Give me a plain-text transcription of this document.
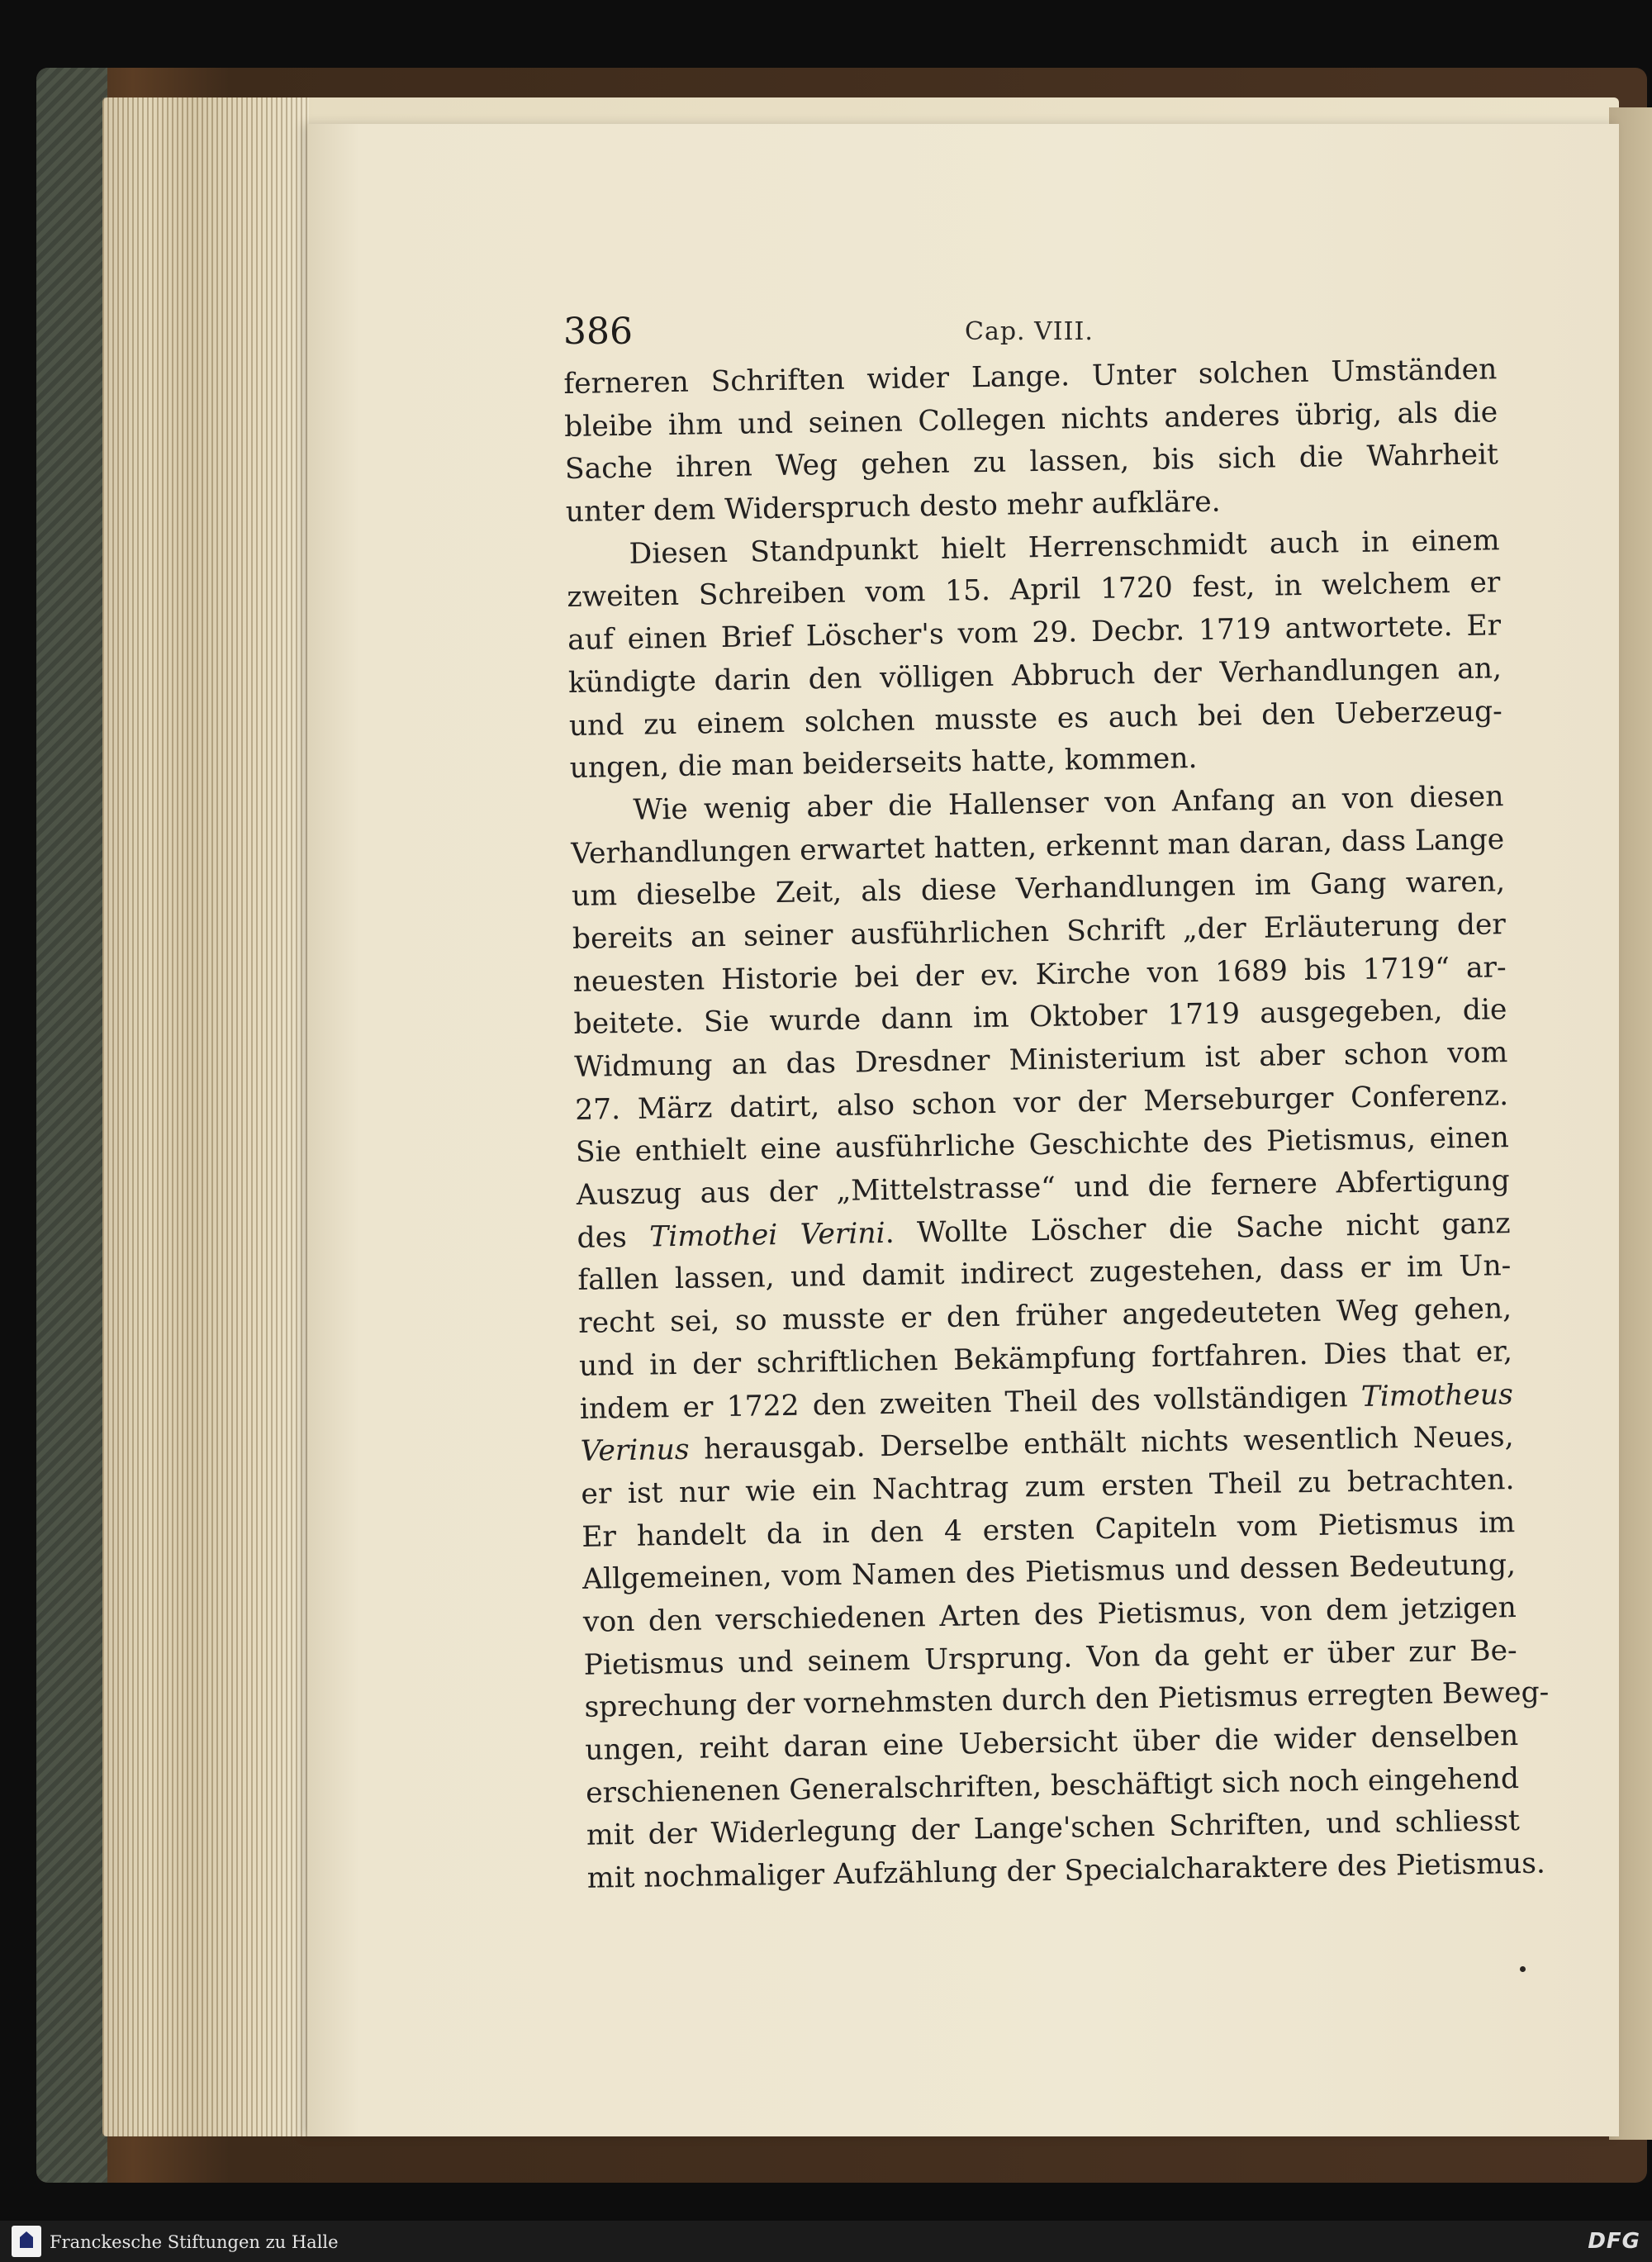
386	Cap. VIII.
ferneren Schriften wider Lange. Unter solchen Umständen
bleibe ihm und seinen Collegen nichts anderes übrig, als die
Sache ihren Weg gehen zu lassen, bis sich die Wahrheit
unter dem Widerspruch desto mehr aufkläre.
Diesen Standpunkt hielt Herrenschmidt auch in einem
zweiten Schreiben vom 15. April 1720 fest, in welchem er
auf einen Brief Löscher's vom 29. Decbr. 1719 antwortete. Er
kündigte darin den völligen Abbruch der Verhandlungen an,
und zu einem solchen musste es auch bei den Ueberzeug-
ungen, die man beiderseits hatte, kommen.
Wie wenig aber die Hallenser von Anfang an von diesen
Verhandlungen erwartet hatten, erkennt man daran, dass Lange
um dieselbe Zeit, als diese Verhandlungen im Gang waren,
bereits an seiner ausführlichen Schrift „der Erläuterung der
neuesten Historie bei der ev. Kirche von 1689 bis 1719“ ar-
beitete. Sie wurde dann im Oktober 1719 ausgegeben, die
Widmung an das Dresdner Ministerium ist aber schon vom
27. März datirt, also schon vor der Merseburger Conferenz.
Sie enthielt eine ausführliche Geschichte des Pietismus, einen
Auszug aus der „Mittelstrasse“ und die fernere Abfertigung
des Timothei Verini. Wollte Löscher die Sache nicht ganz
fallen lassen, und damit indirect zugestehen, dass er im Un-
recht sei, so musste er den früher angedeuteten Weg gehen,
und in der schriftlichen Bekämpfung fortfahren. Dies that er,
indem er 1722 den zweiten Theil des vollständigen Timotheus
Verinus herausgab. Derselbe enthält nichts wesentlich Neues,
er ist nur wie ein Nachtrag zum ersten Theil zu betrachten.
Er handelt da in den 4 ersten Capiteln vom Pietismus im
Allgemeinen, vom Namen des Pietismus und dessen Bedeutung,
von den verschiedenen Arten des Pietismus, von dem jetzigen
Pietismus und seinem Ursprung. Von da geht er über zur Be-
sprechung der vornehmsten durch den Pietismus erregten Beweg-
ungen, reiht daran eine Uebersicht über die wider denselben
erschienenen Generalschriften, beschäftigt sich noch eingehend
mit der Widerlegung der Lange'schen Schriften, und schliesst
mit nochmaliger Aufzählung der Specialcharaktere des Pietismus.
Franckesche Stiftungen zu Halle	DFG
